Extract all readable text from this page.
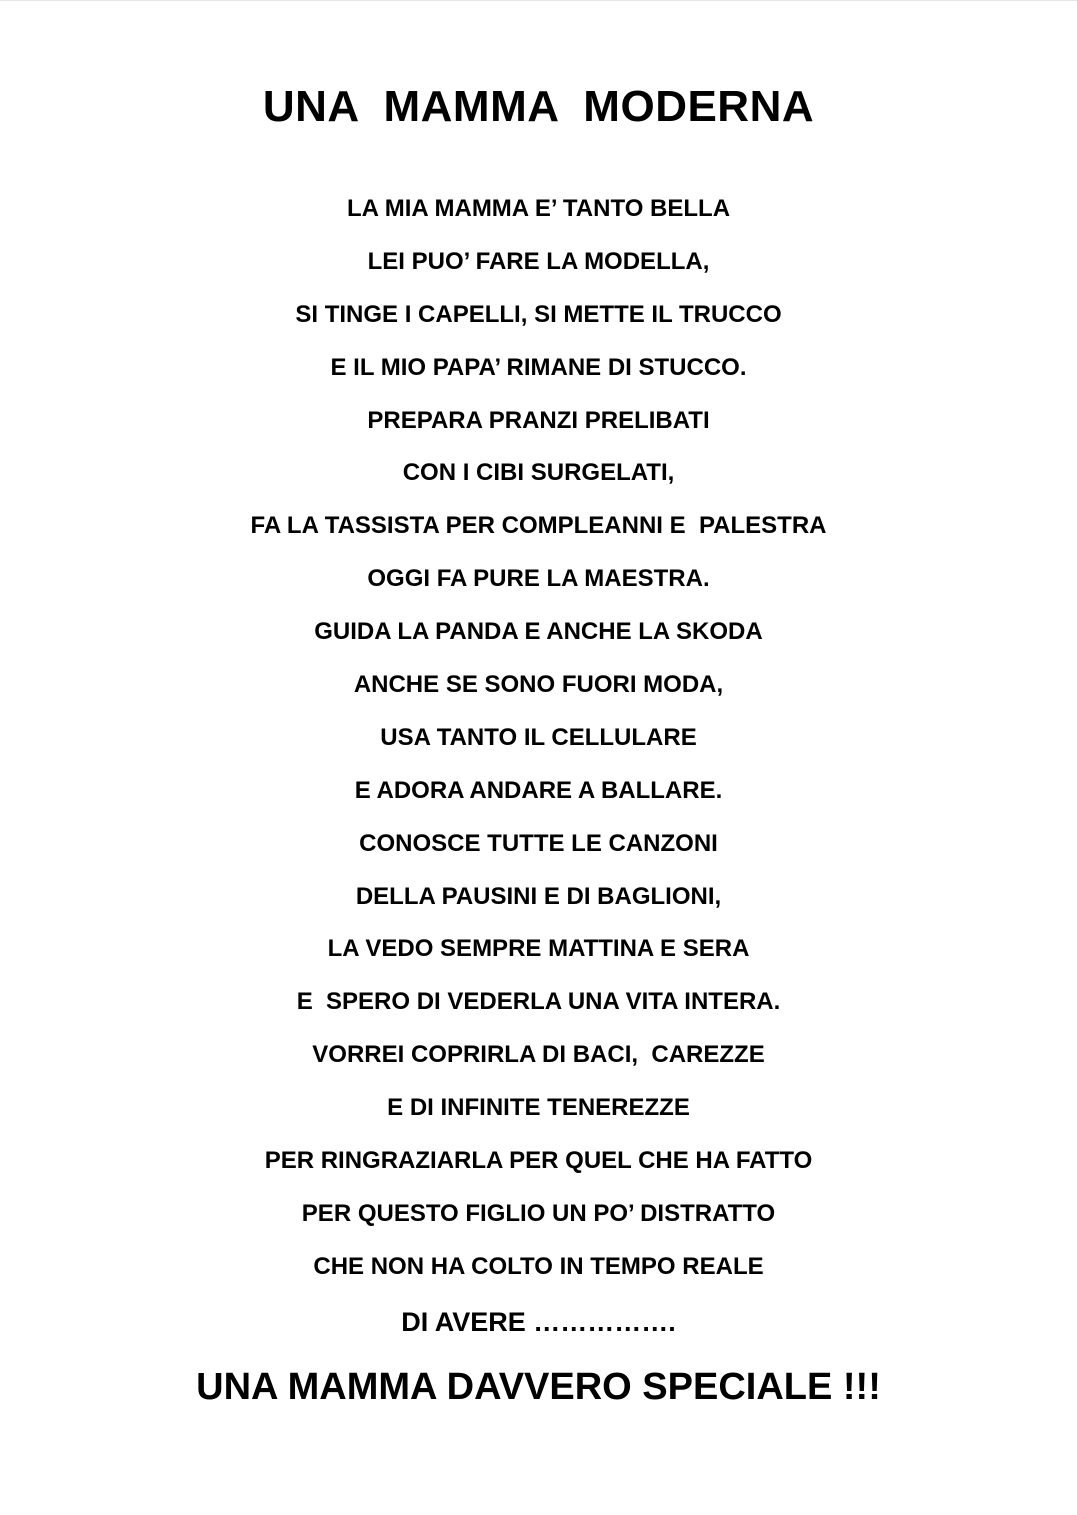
UNA  MAMMA  MODERNA
LA MIA MAMMA E’ TANTO BELLA
LEI PUO’ FARE LA MODELLA,
SI TINGE I CAPELLI, SI METTE IL TRUCCO
E IL MIO PAPA’ RIMANE DI STUCCO.
PREPARA PRANZI PRELIBATI
CON I CIBI SURGELATI,
FA LA TASSISTA PER COMPLEANNI E  PALESTRA
OGGI FA PURE LA MAESTRA.
GUIDA LA PANDA E ANCHE LA SKODA
ANCHE SE SONO FUORI MODA,
USA TANTO IL CELLULARE
E ADORA ANDARE A BALLARE.
CONOSCE TUTTE LE CANZONI
DELLA PAUSINI E DI BAGLIONI,
LA VEDO SEMPRE MATTINA E SERA
E  SPERO DI VEDERLA UNA VITA INTERA.
VORREI COPRIRLA DI BACI,  CAREZZE
E DI INFINITE TENEREZZE
PER RINGRAZIARLA PER QUEL CHE HA FATTO
PER QUESTO FIGLIO UN PO’ DISTRATTO
CHE NON HA COLTO IN TEMPO REALE
DI AVERE …………….
UNA MAMMA DAVVERO SPECIALE !!!
